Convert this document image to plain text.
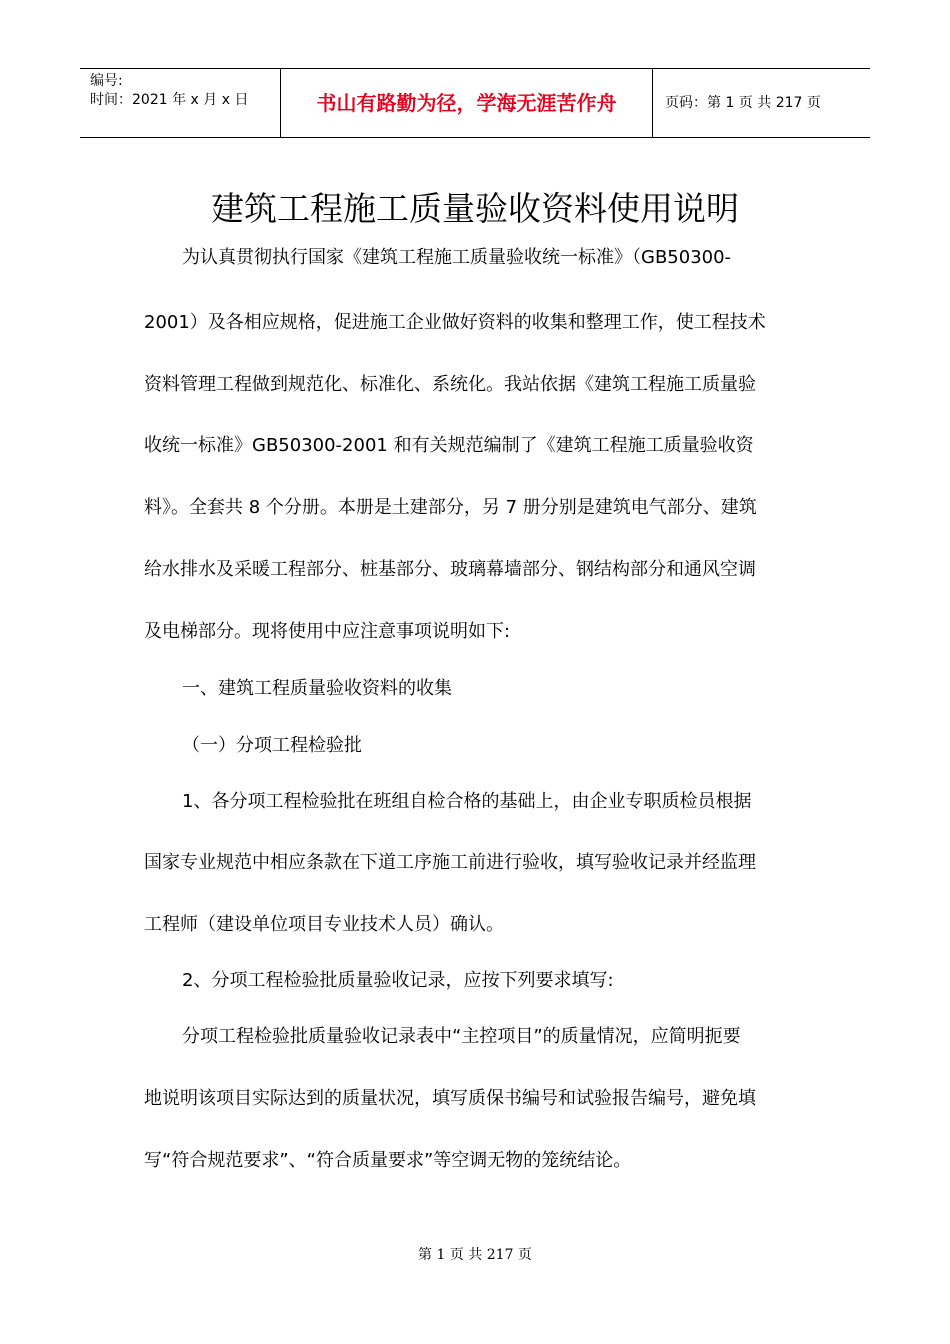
编号:
时间：2021 年 x 月 x 日	书山有路勤为径，学海无涯苦作舟	页码：第 1 页 共 217 页
建筑工程施工质量验收资料使用说明
为认真贯彻执行国家《建筑工程施工质量验收统一标准》（GB50300-
2001）及各相应规格，促进施工企业做好资料的收集和整理工作，使工程技术
资料管理工程做到规范化、标准化、系统化。我站依据《建筑工程施工质量验
收统一标准》GB50300-2001 和有关规范编制了《建筑工程施工质量验收资
料》。全套共 8 个分册。本册是土建部分，另 7 册分别是建筑电气部分、建筑
给水排水及采暖工程部分、桩基部分、玻璃幕墙部分、钢结构部分和通风空调
及电梯部分。现将使用中应注意事项说明如下:
一、建筑工程质量验收资料的收集
（一）分项工程检验批
1、各分项工程检验批在班组自检合格的基础上，由企业专职质检员根据
国家专业规范中相应条款在下道工序施工前进行验收，填写验收记录并经监理
工程师（建设单位项目专业技术人员）确认。
2、分项工程检验批质量验收记录，应按下列要求填写:
分项工程检验批质量验收记录表中“主控项目”的质量情况，应简明扼要
地说明该项目实际达到的质量状况，填写质保书编号和试验报告编号，避免填
写“符合规范要求”、“符合质量要求”等空调无物的笼统结论。
第 1 页 共 217 页
